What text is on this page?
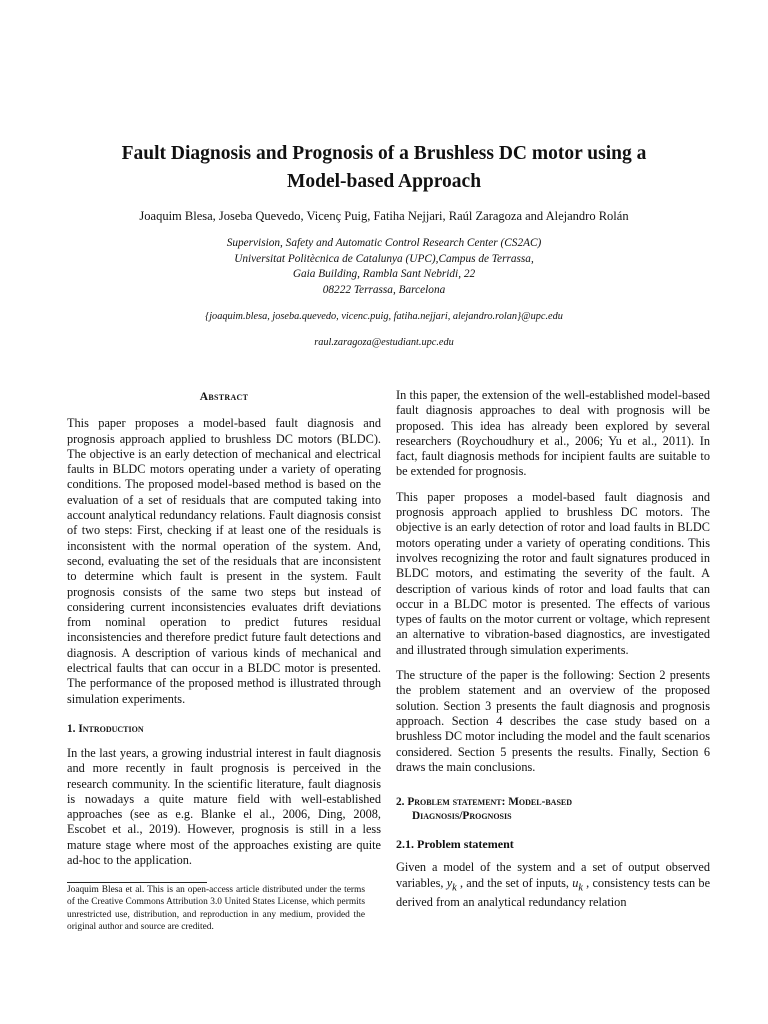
Fault Diagnosis and Prognosis of a Brushless DC motor using a
Model-based Approach
Joaquim Blesa, Joseba Quevedo, Vicenç Puig, Fatiha Nejjari, Raúl Zaragoza and Alejandro Rolán
Supervision, Safety and Automatic Control Research Center (CS2AC)
Universitat Politècnica de Catalunya (UPC),Campus de Terrassa,
Gaia Building, Rambla Sant Nebridi, 22
08222 Terrassa, Barcelona
{joaquim.blesa, joseba.quevedo, vicenc.puig, fatiha.nejjari, alejandro.rolan}@upc.edu
raul.zaragoza@estudiant.upc.edu
Abstract

This paper proposes a model-based fault diagnosis and prognosis approach applied to brushless DC motors (BLDC). The objective is an early detection of mechanical and electrical faults in BLDC motors operating under a variety of operating conditions. The proposed model-based method is based on the evaluation of a set of residuals that are computed taking into account analytical redundancy relations. Fault diagnosis consist of two steps: First, checking if at least one of the residuals is inconsistent with the normal operation of the system. And, second, evaluating the set of the residuals that are inconsistent to determine which fault is present in the system. Fault prognosis consists of the same two steps but instead of considering current inconsistencies evaluates drift deviations from nominal operation to predict futures residual inconsistencies and therefore predict future fault detections and diagnosis. A description of various kinds of mechanical and electrical faults that can occur in a BLDC motor is presented. The performance of the proposed method is illustrated through simulation experiments.

1. Introduction

In the last years, a growing industrial interest in fault diagnosis and more recently in fault prognosis is perceived in the research community. In the scientific literature, fault diagnosis is nowadays a quite mature field with well-established approaches (see as e.g. Blanke el al., 2006, Ding, 2008, Escobet et al., 2019). However, prognosis is still in a less mature stage where most of the approaches existing are quite ad-hoc to the application.

Joaquim Blesa et al. This is an open-access article distributed under the terms of the Creative Commons Attribution 3.0 United States License, which permits unrestricted use, distribution, and reproduction in any medium, provided the original author and source are credited.

In this paper, the extension of the well-established model-based fault diagnosis approaches to deal with prognosis will be proposed. This idea has already been explored by several researchers (Roychoudhury et al., 2006; Yu et al., 2011). In fact, fault diagnosis methods for incipient faults are suitable to be extended for prognosis.

This paper proposes a model-based fault diagnosis and prognosis approach applied to brushless DC motors. The objective is an early detection of rotor and load faults in BLDC motors operating under a variety of operating conditions. This involves recognizing the rotor and fault signatures produced in BLDC motors, and estimating the severity of the fault. A description of various kinds of rotor and load faults that can occur in a BLDC motor is presented. The effects of various types of faults on the motor current or voltage, which represent an alternative to vibration-based diagnostics, are investigated and illustrated through simulation experiments.

The structure of the paper is the following: Section 2 presents the problem statement and an overview of the proposed solution. Section 3 presents the fault diagnosis and prognosis approach. Section 4 describes the case study based on a brushless DC motor including the model and the fault scenarios considered. Section 5 presents the results. Finally, Section 6 draws the main conclusions.

2. Problem statement: Model-based
Diagnosis/Prognosis
2.1. Problem statement

Given a model of the system and a set of output observed variables, $y_k$ , and the set of inputs, $u_k$ , consistency tests can be derived from an analytical redundancy relation
